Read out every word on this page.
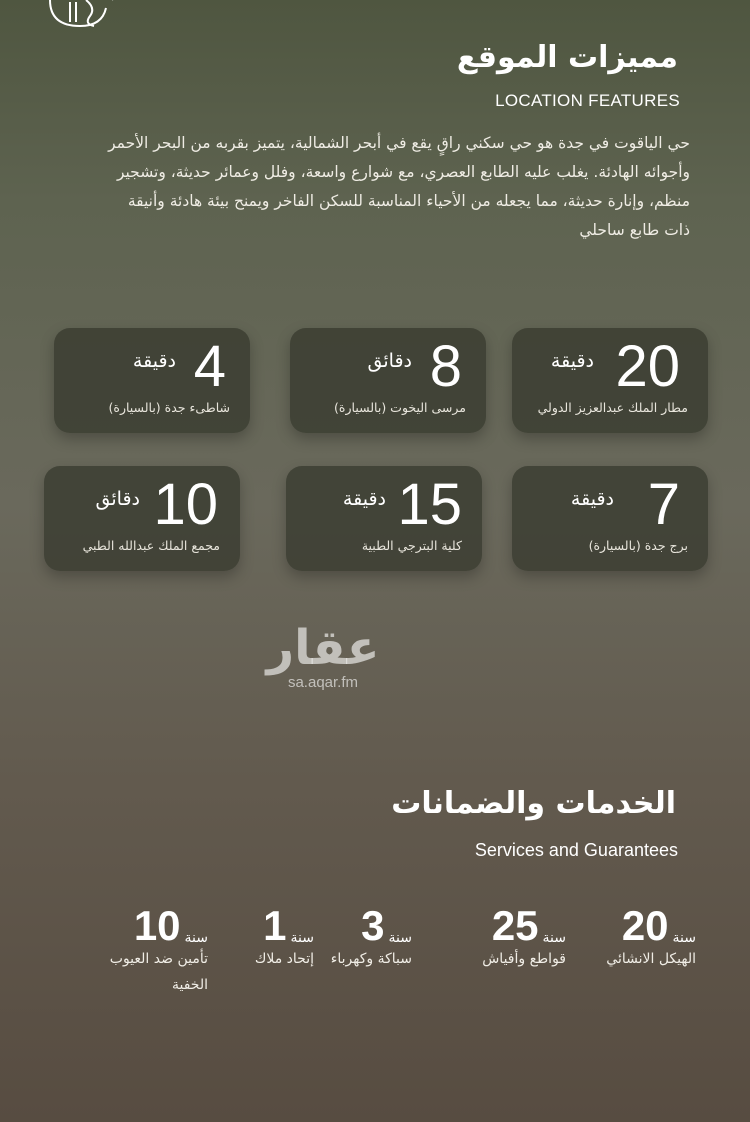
مميزات الموقع
LOCATION FEATURES

حي الياقوت في جدة هو حي سكني راقٍ يقع في أبحر الشمالية، يتميز بقربه من البحر الأحمر وأجوائه الهادئة. يغلب عليه الطابع العصري، مع شوارع واسعة، وفلل وعمائر حديثة، وتشجير منظم، وإنارة حديثة، مما يجعله من الأحياء المناسبة للسكن الفاخر ويمنح بيئة هادئة وأنيقة ذات طابع ساحلي

20
دقيقة
مطار الملك عبدالعزيز الدولي
8
دقائق
مرسى اليخوت (بالسيارة)
4
دقيقة
شاطىء جدة (بالسيارة)
7
دقيقة
برج جدة (بالسيارة)
15
دقيقة
كلية البترجي الطبية
10
دقائق
مجمع الملك عبدالله الطبي
عقار
sa.aqar.fm
الخدمات والضمانات
Services and Guarantees
سنة
20
الهيكل الانشائي
سنة
25
قواطع وأفياش
سنة
3
سباكة وكهرباء
سنة
1
إتحاد ملاك
سنة
10
تأمين ضد العيوب الخفية
